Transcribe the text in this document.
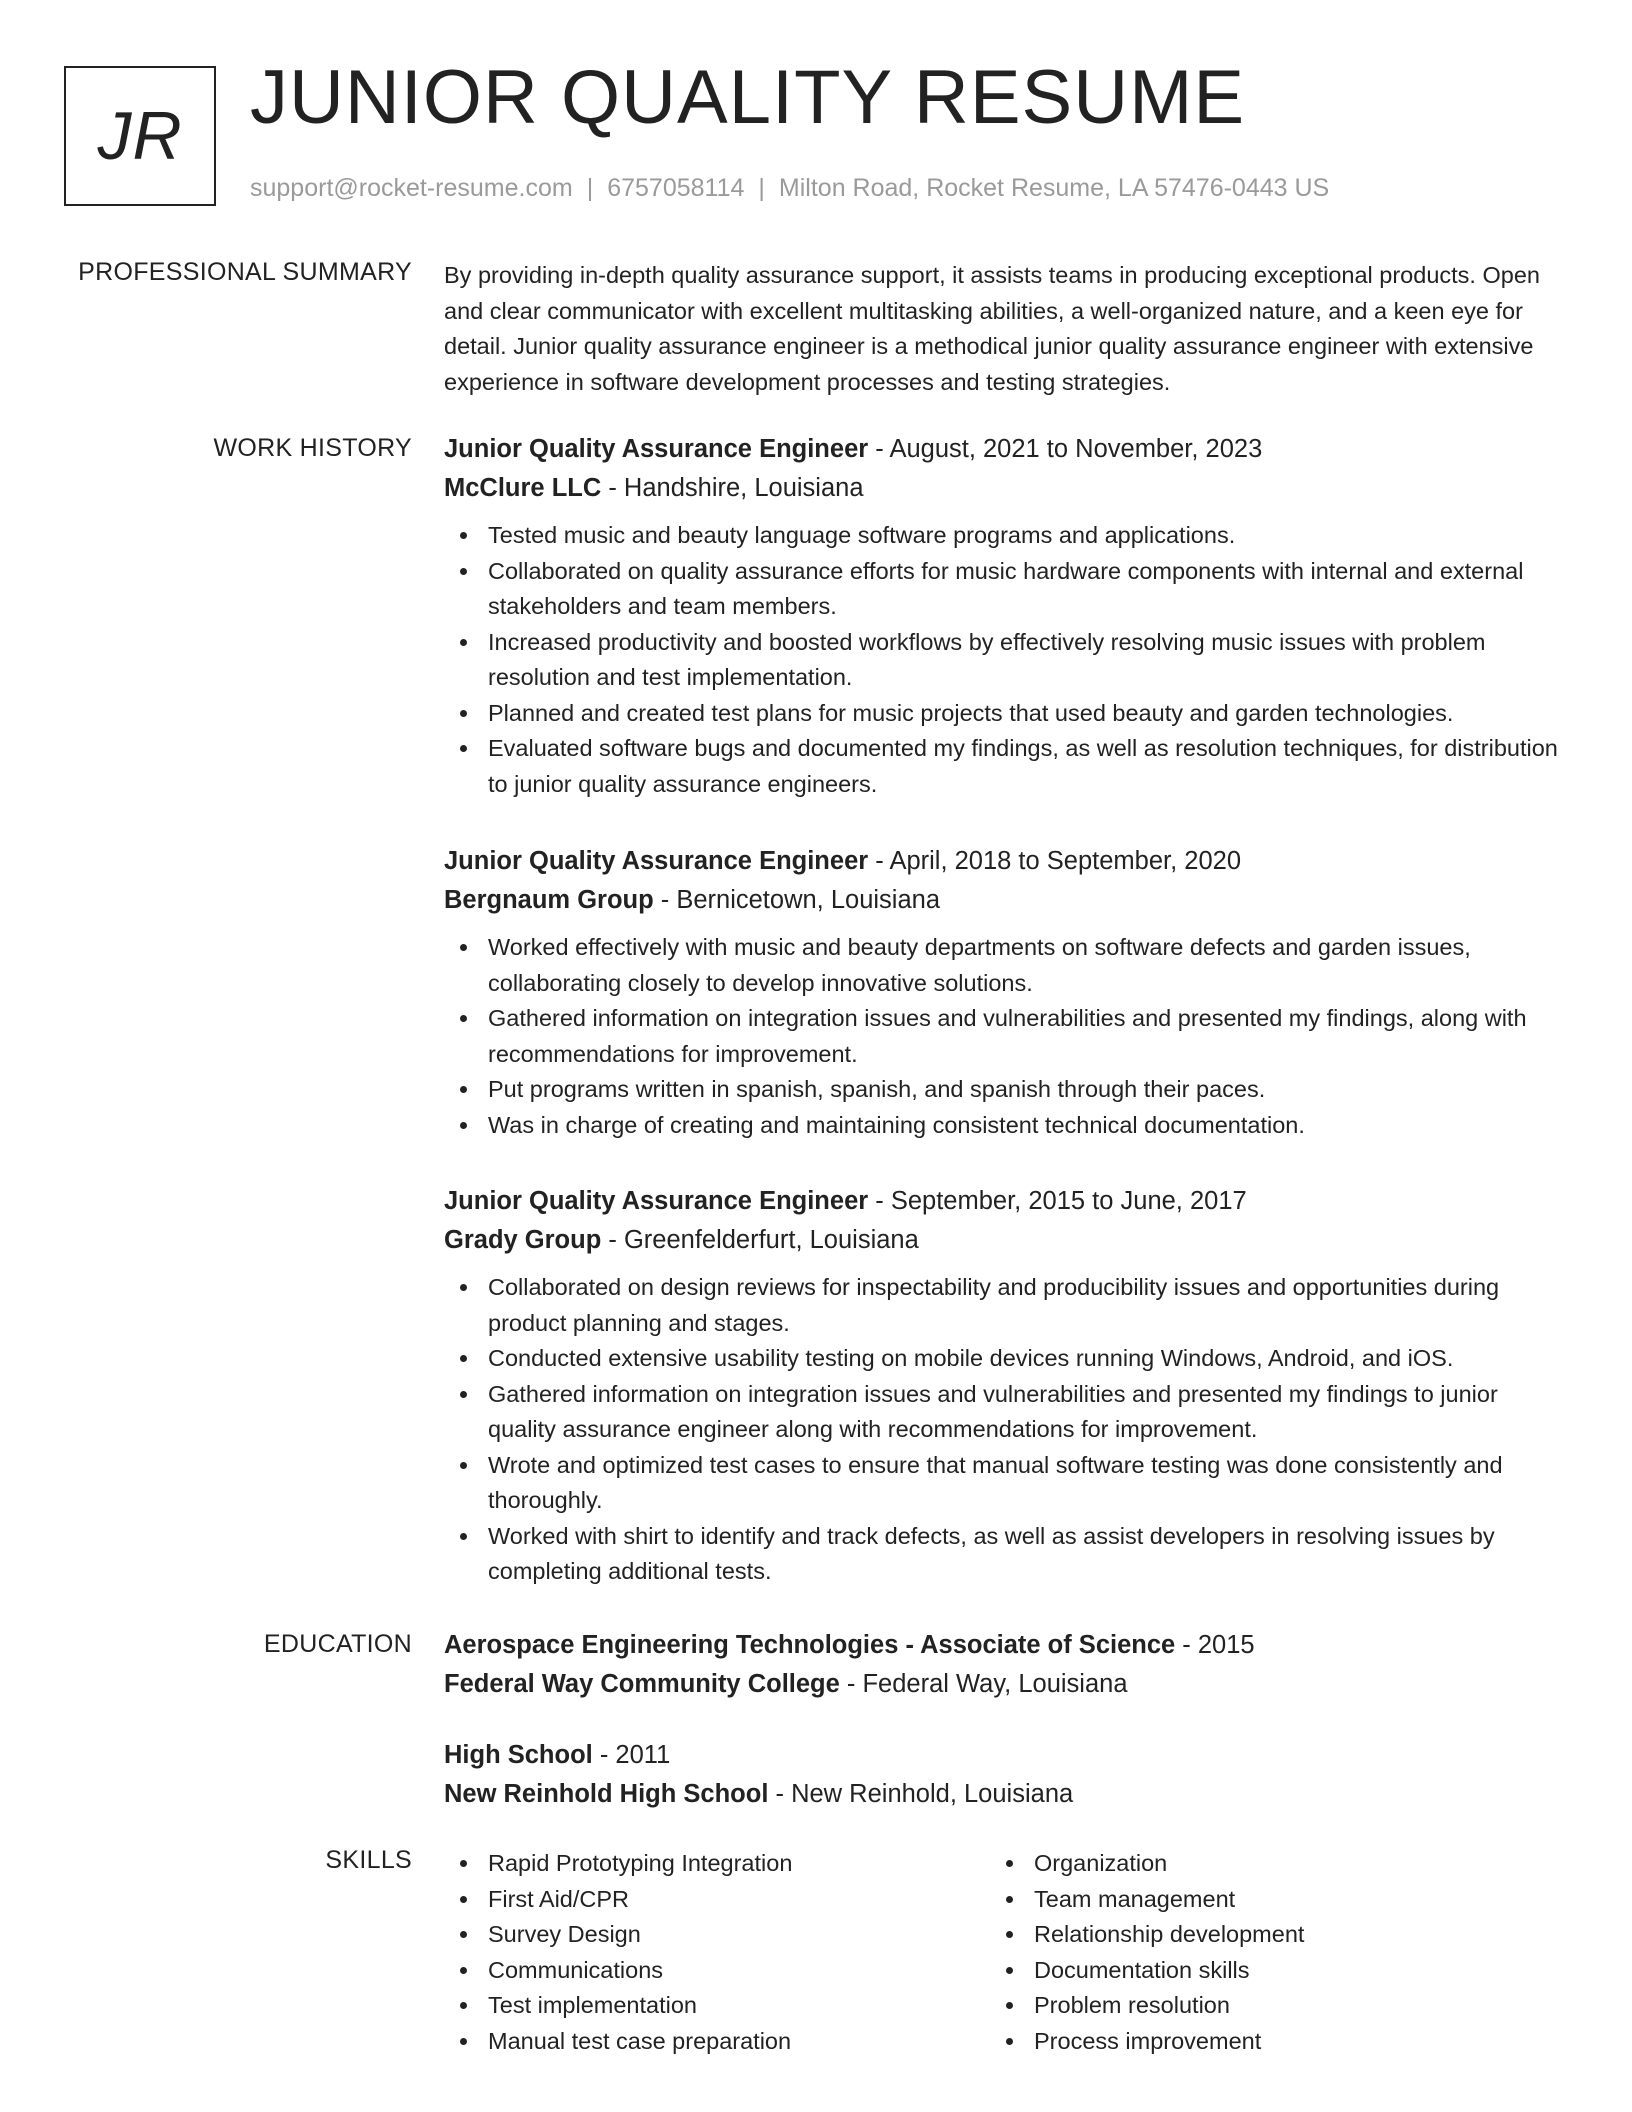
JR JUNIOR QUALITY RESUME
support@rocket-resume.com | 6757058114 | Milton Road, Rocket Resume, LA 57476-0443 US
PROFESSIONAL SUMMARY By providing in-depth quality assurance support, it assists teams in producing exceptional products. Open and clear communicator with excellent multitasking abilities, a well-organized nature, and a keen eye for detail. Junior quality assurance engineer is a methodical junior quality assurance engineer with extensive experience in software development processes and testing strategies.

WORK HISTORY Junior Quality Assurance Engineer - August, 2021 to November, 2023
McClure LLC - Handshire, Louisiana
Tested music and beauty language software programs and applications.
Collaborated on quality assurance efforts for music hardware components with internal and external stakeholders and team members.
Increased productivity and boosted workflows by effectively resolving music issues with problem resolution and test implementation.
Planned and created test plans for music projects that used beauty and garden technologies.
Evaluated software bugs and documented my findings, as well as resolution techniques, for distribution to junior quality assurance engineers.
Junior Quality Assurance Engineer - April, 2018 to September, 2020
Bergnaum Group - Bernicetown, Louisiana
Worked effectively with music and beauty departments on software defects and garden issues, collaborating closely to develop innovative solutions.
Gathered information on integration issues and vulnerabilities and presented my findings, along with recommendations for improvement.
Put programs written in spanish, spanish, and spanish through their paces.
Was in charge of creating and maintaining consistent technical documentation.
Junior Quality Assurance Engineer - September, 2015 to June, 2017
Grady Group - Greenfelderfurt, Louisiana
Collaborated on design reviews for inspectability and producibility issues and opportunities during product planning and stages.
Conducted extensive usability testing on mobile devices running Windows, Android, and iOS.
Gathered information on integration issues and vulnerabilities and presented my findings to junior quality assurance engineer along with recommendations for improvement.
Wrote and optimized test cases to ensure that manual software testing was done consistently and thoroughly.
Worked with shirt to identify and track defects, as well as assist developers in resolving issues by completing additional tests.
EDUCATION Aerospace Engineering Technologies - Associate of Science - 2015
Federal Way Community College - Federal Way, Louisiana
High School - 2011
New Reinhold High School - New Reinhold, Louisiana
SKILLS	Rapid Prototyping Integration
First Aid/CPR
Survey Design
Communications
Test implementation
Manual test case preparation
Organization
Team management
Relationship development
Documentation skills
Problem resolution
Process improvement
